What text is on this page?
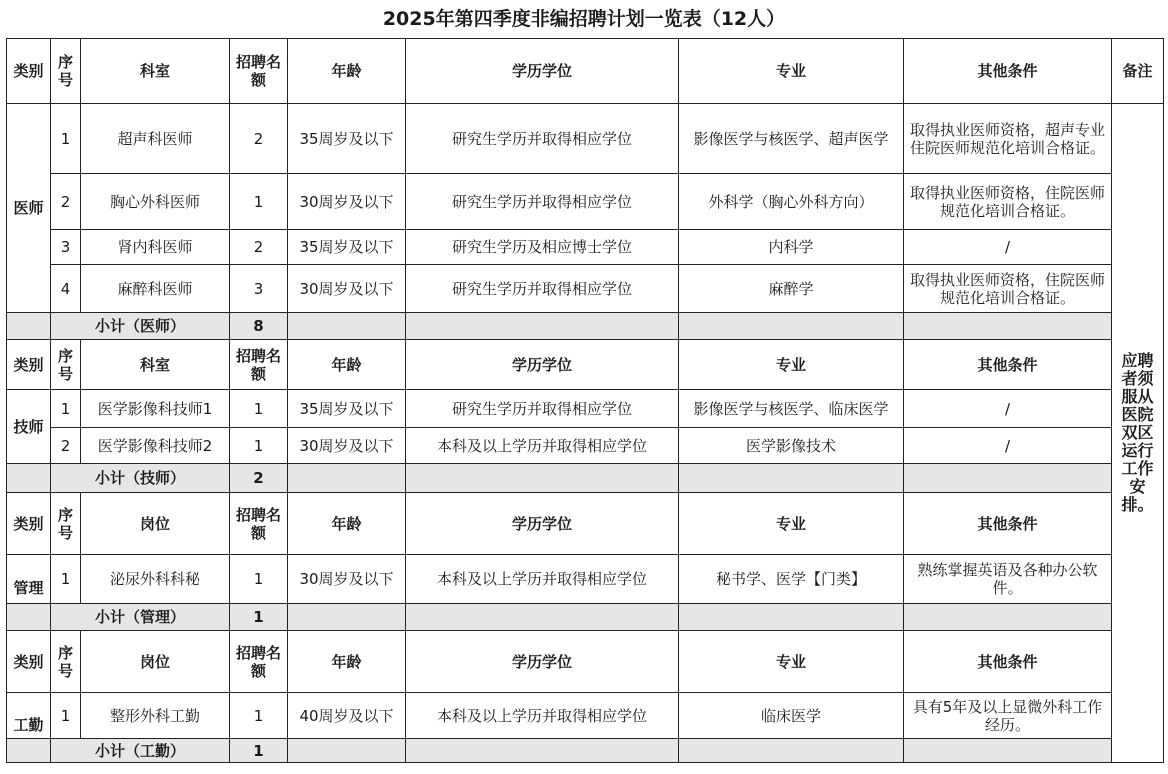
2025年第四季度非编招聘计划一览表（12人）
类别	序号	科室	招聘名额	年龄	学历学位	专业	其他条件	备注
医师	1	超声科医师	2	35周岁及以下	研究生学历并取得相应学位	影像医学与核医学、超声医学	取得执业医师资格，超声专业住院医师规范化培训合格证。	应聘者须服从医院双区运行工作安排。
	2	胸心外科医师	1	30周岁及以下	研究生学历并取得相应学位	外科学（胸心外科方向）	取得执业医师资格，住院医师规范化培训合格证。	
	3	肾内科医师	2	35周岁及以下	研究生学历及相应博士学位	内科学	/	
	4	麻醉科医师	3	30周岁及以下	研究生学历并取得相应学位	麻醉学	取得执业医师资格，住院医师规范化培训合格证。	
	小计（医师）		8					
类别	序号	科室	招聘名额	年龄	学历学位	专业	其他条件	
技师	1	医学影像科技师1	1	35周岁及以下	研究生学历并取得相应学位	影像医学与核医学、临床医学	/	
	2	医学影像科技师2	1	30周岁及以下	本科及以上学历并取得相应学位	医学影像技术	/	
	小计（技师）		2					
类别	序号	岗位	招聘名额	年龄	学历学位	专业	其他条件	
管理	1	泌尿外科科秘	1	30周岁及以下	本科及以上学历并取得相应学位	秘书学、医学【门类】	熟练掌握英语及各种办公软件。	
	小计（管理）		1					
类别	序号	岗位	招聘名额	年龄	学历学位	专业	其他条件	
工勤	1	整形外科工勤	1	40周岁及以下	本科及以上学历并取得相应学位	临床医学	具有5年及以上显微外科工作经历。	
	小计（工勤）		1					
